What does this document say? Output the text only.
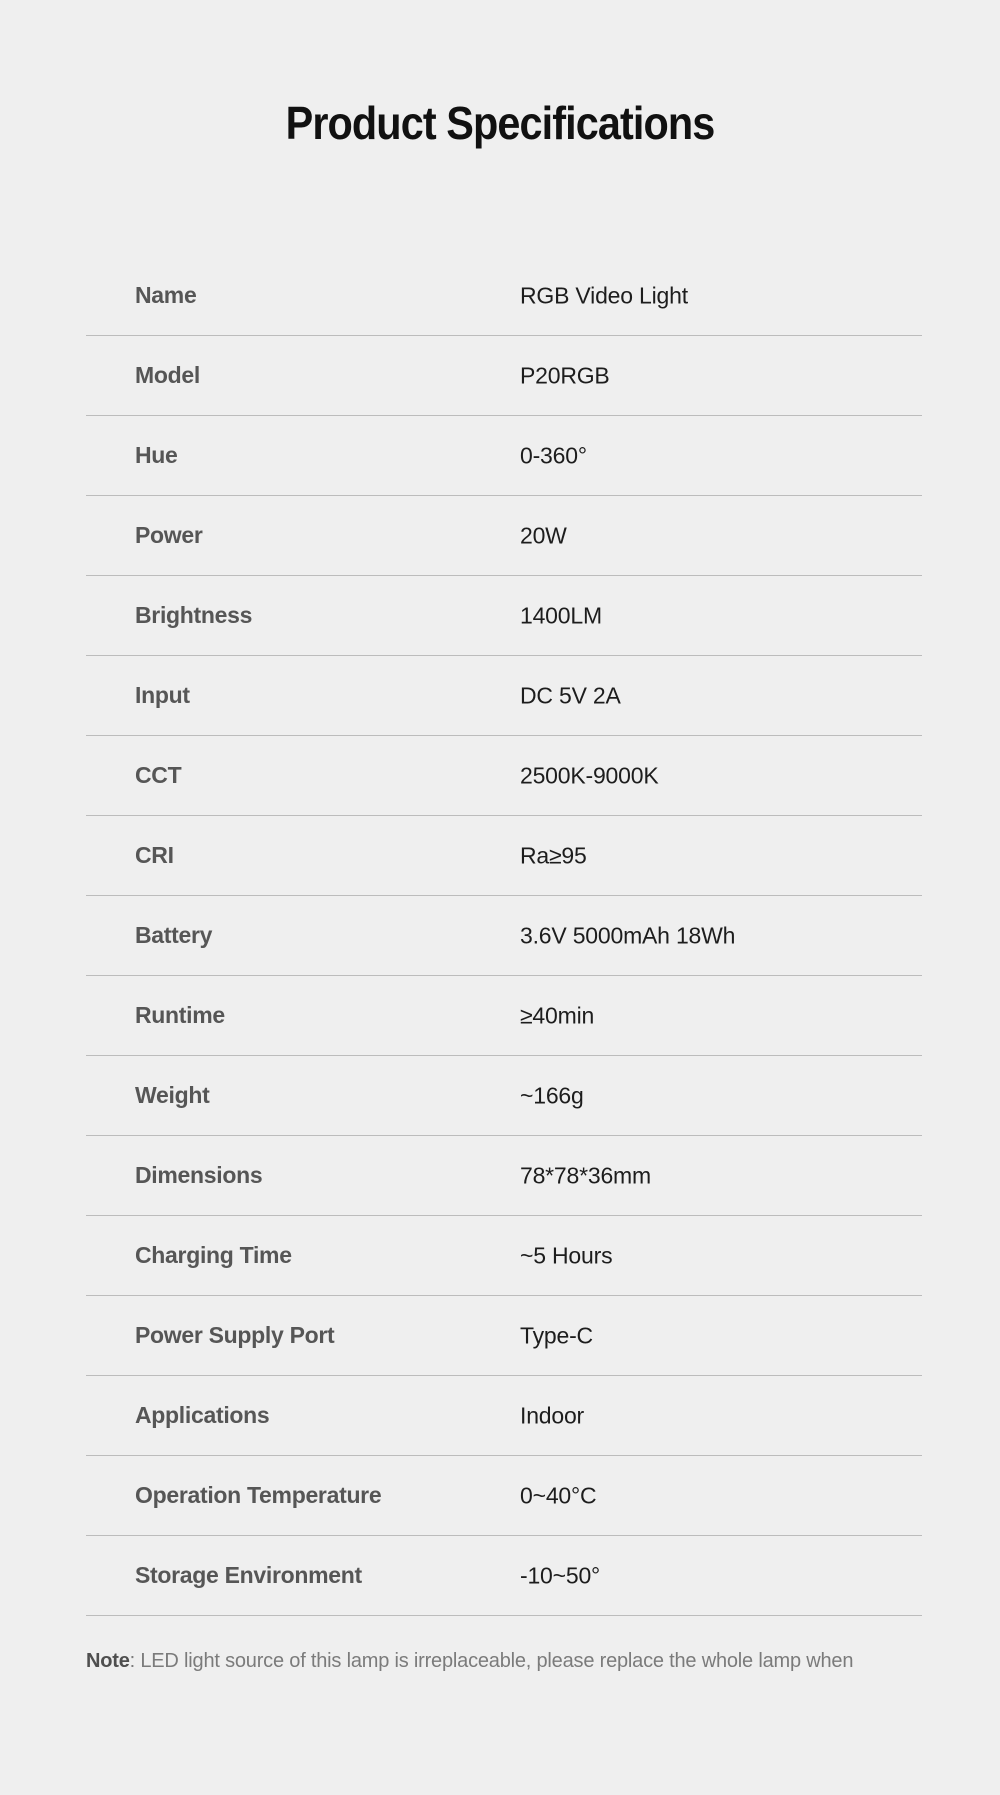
Product Specifications
Name	RGB Video Light
Model	P20RGB
Hue	0-360°
Power	20W
Brightness	1400LM
Input	DC 5V 2A
CCT	2500K-9000K
CRI	Ra≥95
Battery	3.6V 5000mAh 18Wh
Runtime	≥40min
Weight	~166g
Dimensions	78*78*36mm
Charging Time	~5 Hours
Power Supply Port	Type-C
Applications	Indoor
Operation Temperature	0~40°C
Storage Environment	-10~50°
Note: LED light source of this lamp is irreplaceable, please replace the whole lamp when
